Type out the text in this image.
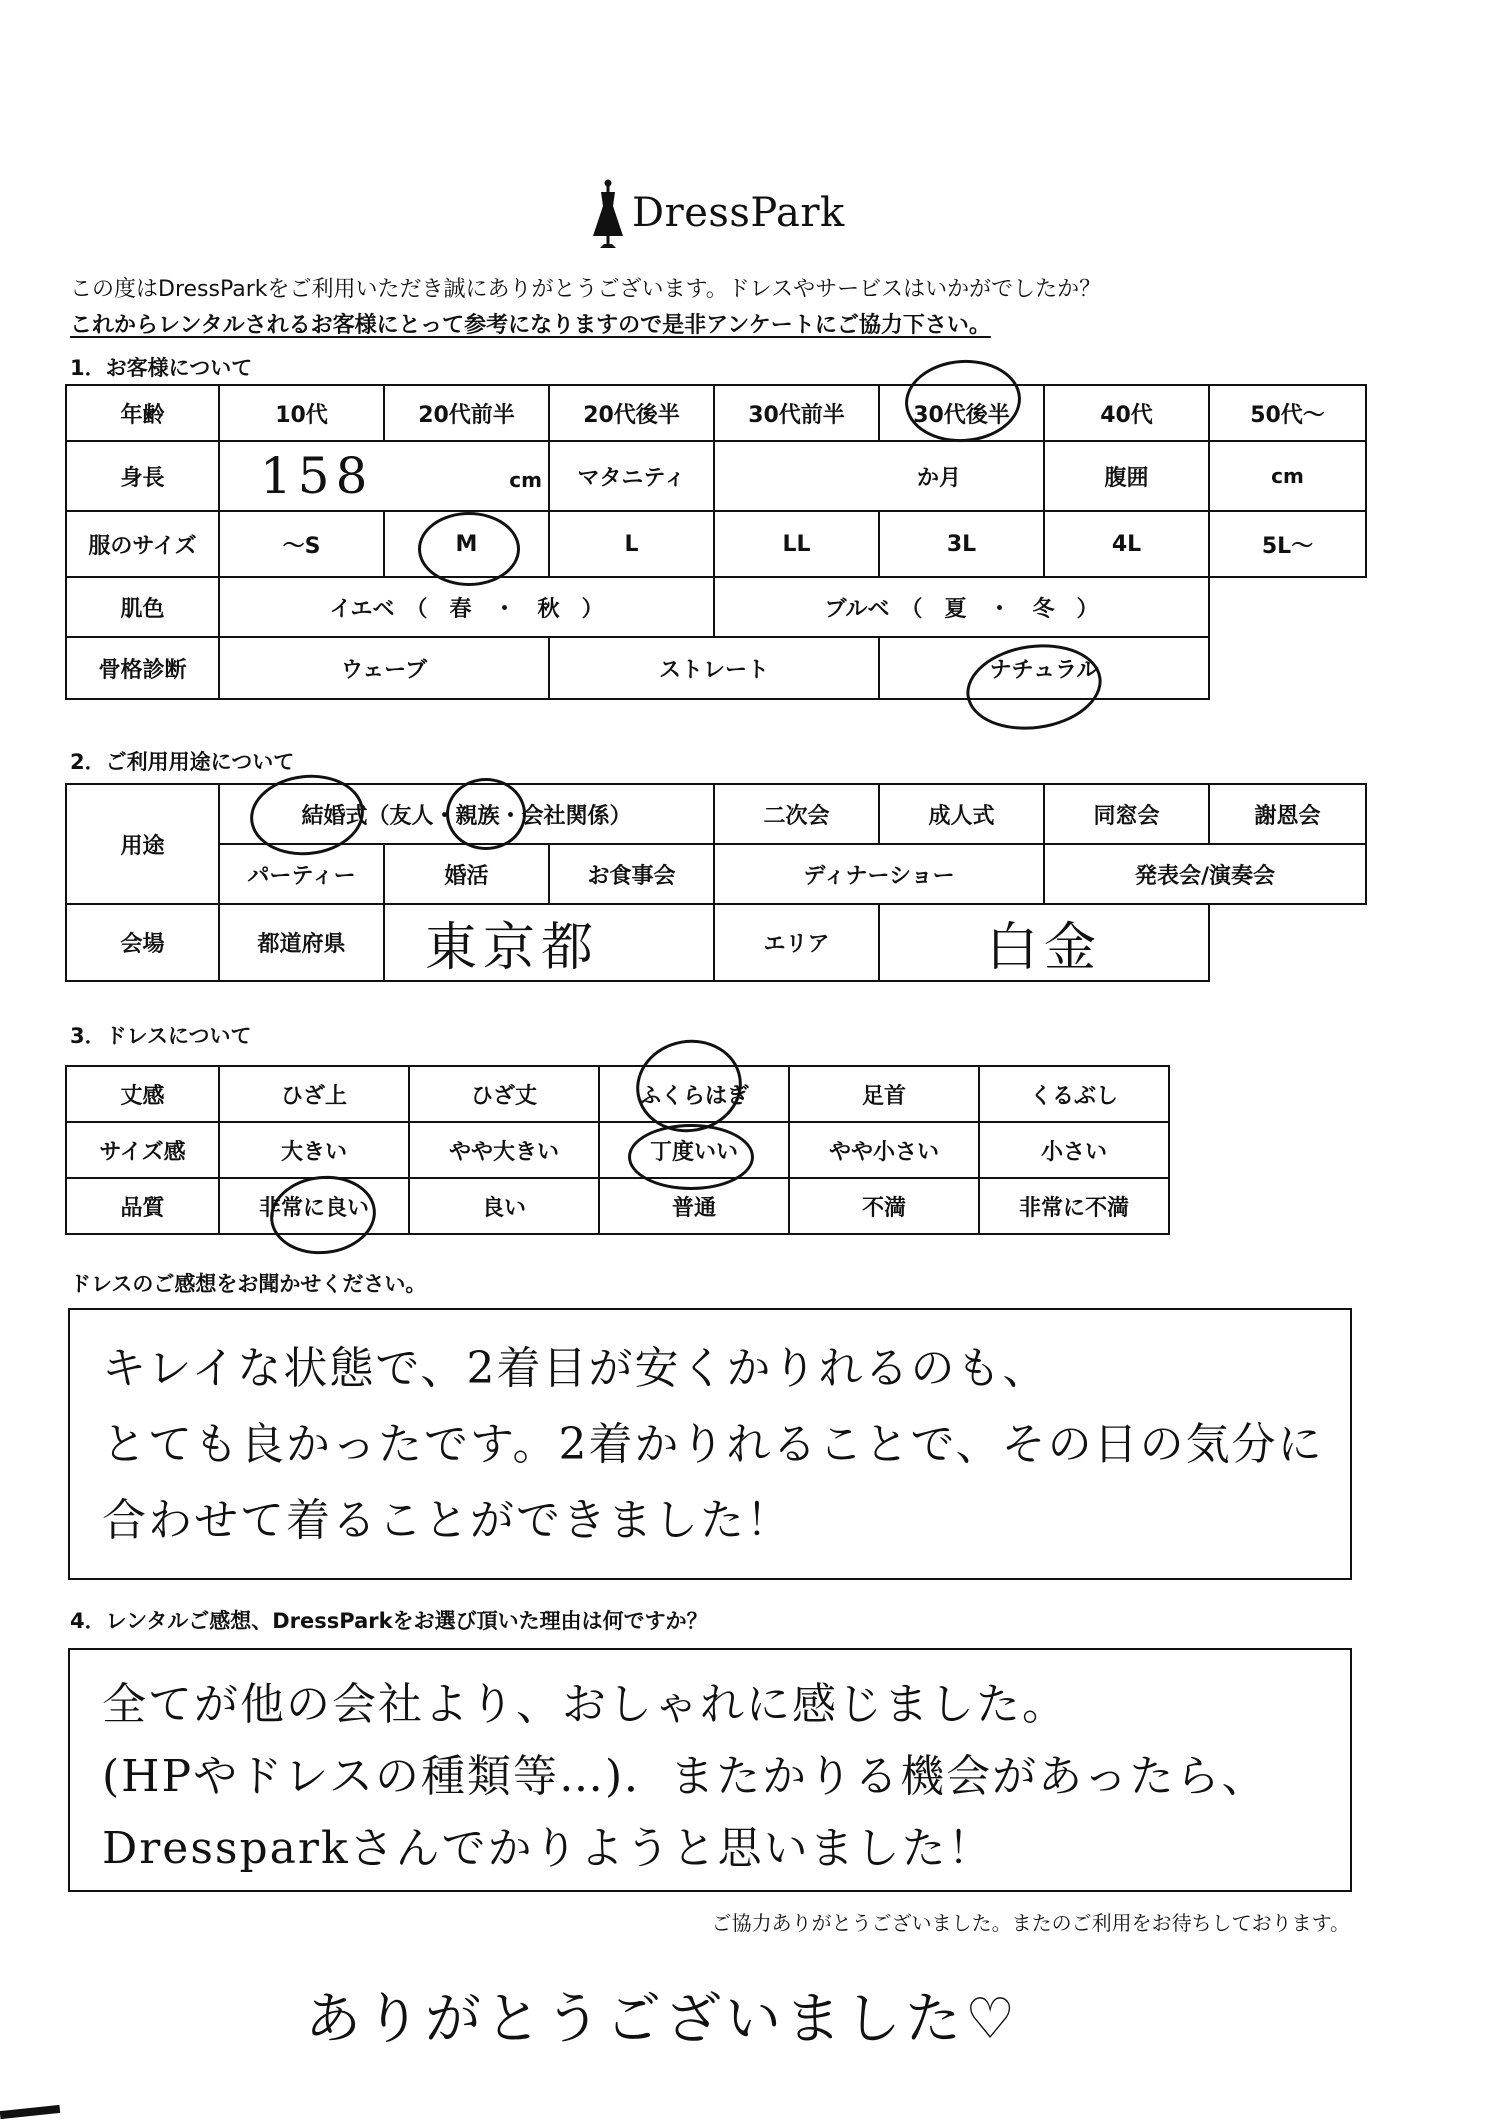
DressPark
この度はDressParkをご利用いただき誠にありがとうございます。ドレスやサービスはいかがでしたか？
これからレンタルされるお客様にとって参考になりますので是非アンケートにご協力下さい。
1．お客様について
年齢	10代	20代前半	20代後半	30代前半	30代後半	40代	50代～
身長	158 cm		マタニティ	か月		腹囲	cm
服のサイズ	～S	M	L	LL	3L	4L	5L～
肌色	イエベ　（　春　・　秋　）			ブルベ　（　夏　・　冬　）			
骨格診断	ウェーブ		ストレート		ナチュラル		
2．ご利用用途について
用途	結婚式（友人・親族・会社関係）			二次会	成人式	同窓会	謝恩会
	パーティー	婚活	お食事会	ディナーショー		発表会/演奏会	
会場	都道府県	東京都		エリア	白金		
3．ドレスについて
丈感	ひざ上	ひざ丈	ふくらはぎ	足首	くるぶし
サイズ感	大きい	やや大きい	丁度いい	やや小さい	小さい
品質	非常に良い	良い	普通	不満	非常に不満
ドレスのご感想をお聞かせください。
キレイな状態で、2着目が安くかりれるのも、
とても良かったです。2着かりれることで、その日の気分に
合わせて着ることができました！
4．レンタルご感想、DressParkをお選び頂いた理由は何ですか？
全てが他の会社より、おしゃれに感じました。
(HPやドレスの種類等…)．またかりる機会があったら、
Dressparkさんでかりようと思いました！
ご協力ありがとうございました。またのご利用をお待ちしております。
ありがとうございました♡
